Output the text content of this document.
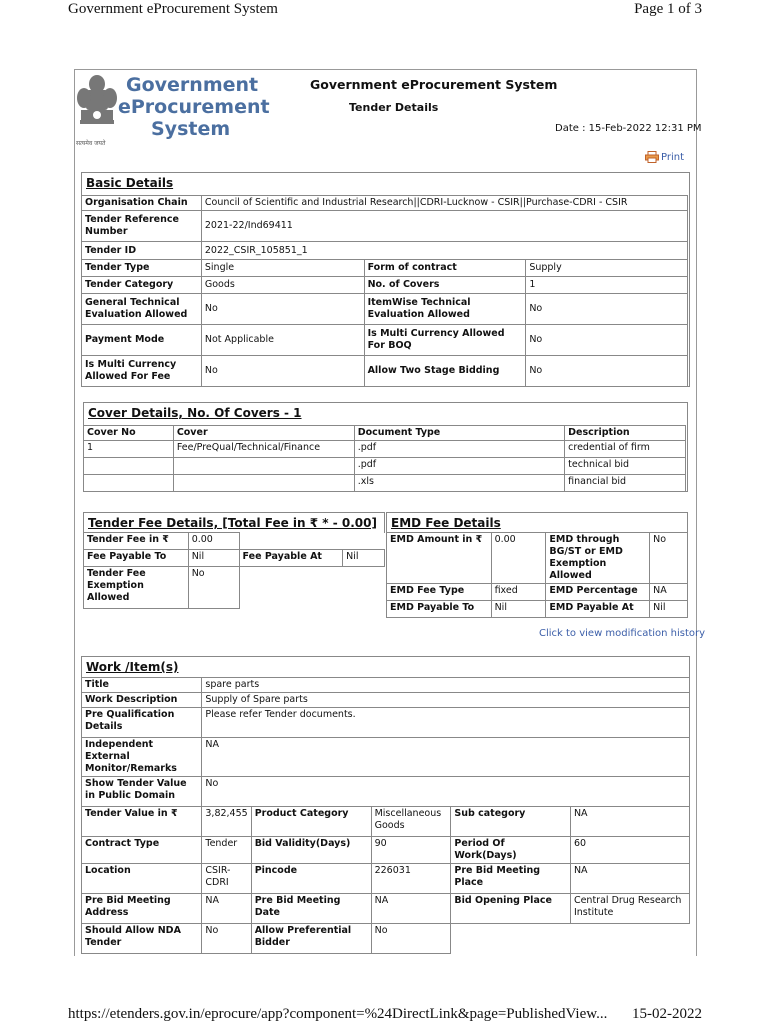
Government eProcurement System	Page 1 of 3
सत्यमेव जयते
Government
eProcurement
System
Government eProcurement System
Tender Details
Date : 15-Feb-2022 12:31 PM
Print
Basic Details
Organisation Chain	Council of Scientific and Industrial Research||CDRI-Lucknow - CSIR||Purchase-CDRI - CSIR		
Tender Reference Number	2021-22/Ind69411		
Tender ID	2022_CSIR_105851_1		
Tender Type	Single	Form of contract	Supply
Tender Category	Goods	No. of Covers	1
General Technical Evaluation Allowed	No	ItemWise Technical Evaluation Allowed	No
Payment Mode	Not Applicable	Is Multi Currency Allowed For BOQ	No
Is Multi Currency Allowed For Fee	No	Allow Two Stage Bidding	No
Cover Details, No. Of Covers - 1
Cover No	Cover	Document Type	Description
1	Fee/PreQual/Technical/Finance	.pdf	credential of firm
		.pdf	technical bid
		.xls	financial bid
Tender Fee Details, [Total Fee in ₹ * - 0.00]
Tender Fee in ₹	0.00		
Fee Payable To	Nil	Fee Payable At	Nil
Tender Fee Exemption Allowed	No		
EMD Fee Details
EMD Amount in ₹	0.00	EMD through BG/ST or EMD Exemption Allowed	No
EMD Fee Type	fixed	EMD Percentage	NA
EMD Payable To	Nil	EMD Payable At	Nil
Click to view modification history
Work /Item(s)
Title	spare parts				
Work Description	Supply of Spare parts				
Pre Qualification Details	Please refer Tender documents.				
Independent External Monitor/Remarks	NA				
Show Tender Value in Public Domain	No				
Tender Value in ₹	3,82,455	Product Category	Miscellaneous Goods	Sub category	NA
Contract Type	Tender	Bid Validity(Days)	90	Period Of Work(Days)	60
Location	CSIR-CDRI	Pincode	226031	Pre Bid Meeting Place	NA
Pre Bid Meeting Address	NA	Pre Bid Meeting Date	NA	Bid Opening Place	Central Drug Research Institute
Should Allow NDA Tender	No	Allow Preferential Bidder	No		
https://etenders.gov.in/eprocure/app?component=%24DirectLink&page=PublishedView... 15-02-2022
